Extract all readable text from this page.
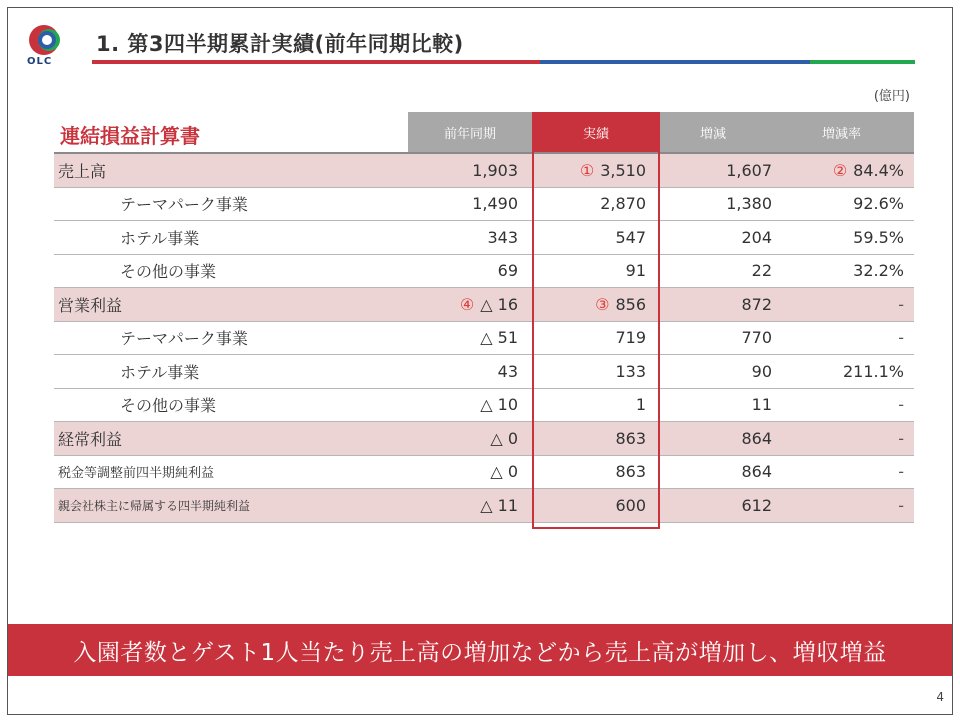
OLC
1. 第3四半期累計実績(前年同期比較)
(億円)
連結損益計算書	前年同期	実績	増減	増減率
売上高	1,903	① 3,510	1,607	② 84.4%
テーマパーク事業	1,490	2,870	1,380	92.6%
ホテル事業	343	547	204	59.5%
その他の事業	69	91	22	32.2%
営業利益	④ △ 16	③ 856	872	-
テーマパーク事業	△ 51	719	770	-
ホテル事業	43	133	90	211.1%
その他の事業	△ 10	1	11	-
経常利益	△ 0	863	864	-
税金等調整前四半期純利益	△ 0	863	864	-
親会社株主に帰属する四半期純利益	△ 11	600	612	-
入園者数とゲスト1人当たり売上高の増加などから売上高が増加し、増収増益
4
